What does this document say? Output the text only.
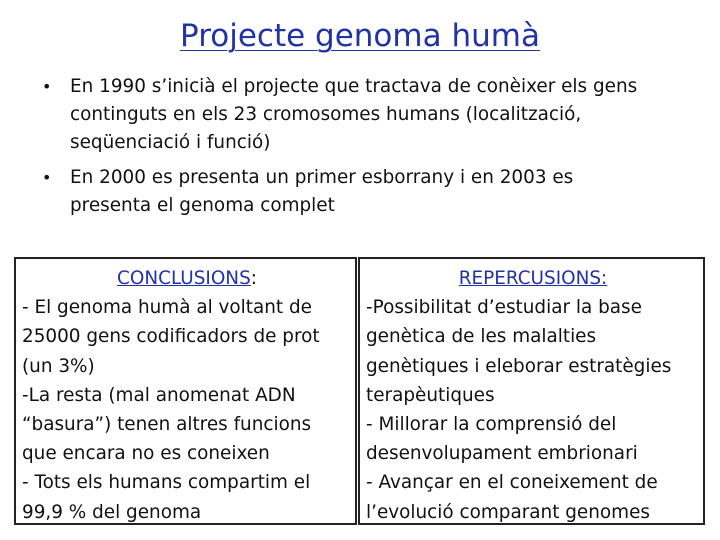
Projecte genoma humà
• En 1990 s’inicià el projecte que tractava de conèixer els gens
continguts en els 23 cromosomes humans (localització,
seqüenciació i funció)
• En 2000 es presenta un primer esborrany i en 2003 es
presenta el genoma complet
CONCLUSIONS:
- El genoma humà al voltant de
25000 gens codificadors de prot
(un 3%)
-La resta (mal anomenat ADN
“basura”) tenen altres funcions
que encara no es coneixen
- Tots els humans compartim el
99,9 % del genoma
REPERCUSIONS:
-Possibilitat d’estudiar la base
genètica de les malalties
genètiques i eleborar estratègies
terapèutiques
- Millorar la comprensió del
desenvolupament embrionari
- Avançar en el coneixement de
l’evolució comparant genomes
